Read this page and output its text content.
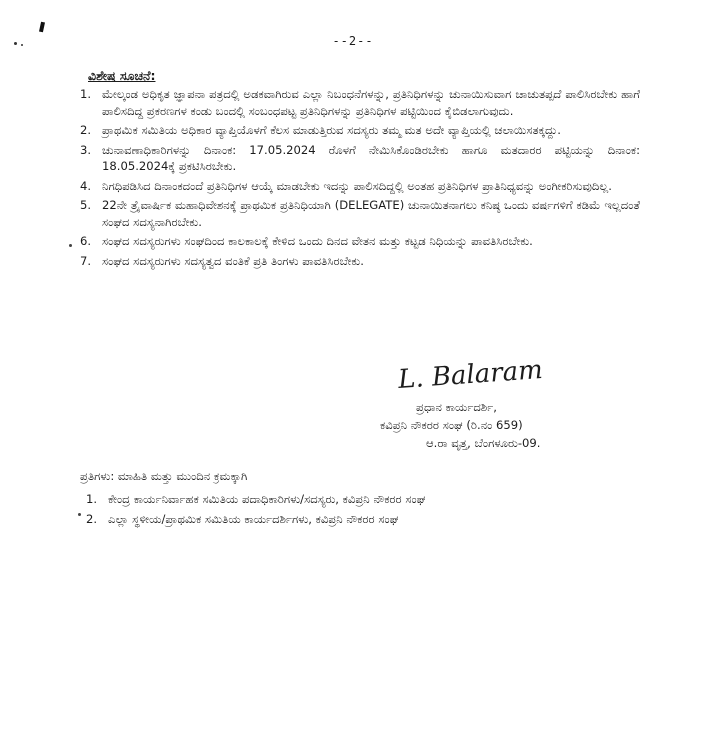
--2--
ವಿಶೇಷ ಸೂಚನೆ:
1. ಮೇಲ್ಕಂಡ ಅಧಿಕೃತ ಜ್ಞಾಪನಾ ಪತ್ರದಲ್ಲಿ ಅಡಕವಾಗಿರುವ ಎಲ್ಲಾ ನಿಬಂಧನೆಗಳನ್ನು, ಪ್ರತಿನಿಧಿಗಳನ್ನು ಚುನಾಯಿಸುವಾಗ ಚಾಚುತಪ್ಪದೆ ಪಾಲಿಸಿರಬೇಕು ಹಾಗೆ ಪಾಲಿಸದಿದ್ದ ಪ್ರಕರಣಗಳ ಕಂಡು ಬಂದಲ್ಲಿ ಸಂಬಂಧಪಟ್ಟ ಪ್ರತಿನಿಧಿಗಳನ್ನು ಪ್ರತಿನಿಧಿಗಳ ಪಟ್ಟಿಯಿಂದ ಕೈಬಿಡಲಾಗುವುದು.
2. ಪ್ರಾಥಮಿಕ ಸಮಿತಿಯ ಅಧಿಕಾರ ವ್ಯಾಪ್ತಿಯೊಳಗೆ ಕೆಲಸ ಮಾಡುತ್ತಿರುವ ಸದಸ್ಯರು ತಮ್ಮ ಮತ ಅದೇ ವ್ಯಾಪ್ತಿಯಲ್ಲಿ ಚಲಾಯಿಸತಕ್ಕದ್ದು.
3. ಚುನಾವಣಾಧಿಕಾರಿಗಳನ್ನು ದಿನಾಂಕ: 17.05.2024 ರೊಳಗೆ ನೇಮಿಸಿಕೊಂಡಿರಬೇಕು ಹಾಗೂ ಮತದಾರರ ಪಟ್ಟಿಯನ್ನು ದಿನಾಂಕ: 18.05.2024ಕ್ಕೆ ಪ್ರಕಟಿಸಿರಬೇಕು.
4. ನಿಗಧಿಪಡಿಸಿದ ದಿನಾಂಕದಂದೆ ಪ್ರತಿನಿಧಿಗಳ ಆಯ್ಕೆ ಮಾಡಬೇಕು ಇದನ್ನು ಪಾಲಿಸದಿದ್ದಲ್ಲಿ ಅಂತಹ ಪ್ರತಿನಿಧಿಗಳ ಪ್ರಾತಿನಿಧ್ಯವನ್ನು ಅಂಗೀಕರಿಸುವುದಿಲ್ಲ.
5. 22ನೇ ತ್ರೈವಾರ್ಷಿಕ ಮಹಾಧಿವೇಶನಕ್ಕೆ ಪ್ರಾಥಮಿಕ ಪ್ರತಿನಿಧಿಯಾಗಿ (DELEGATE) ಚುನಾಯಿತನಾಗಲು ಕನಿಷ್ಠ ಒಂದು ವರ್ಷಗಳಿಗೆ ಕಡಿಮೆ ಇಲ್ಲದಂತೆ ಸಂಘದ ಸದಸ್ಯನಾಗಿರಬೇಕು.
6. ಸಂಘದ ಸದಸ್ಯರುಗಳು ಸಂಘದಿಂದ ಕಾಲಕಾಲಕ್ಕೆ ಕೇಳಿದ ಒಂದು ದಿನದ ವೇತನ ಮತ್ತು ಕಟ್ಟಡ ನಿಧಿಯನ್ನು ಪಾವತಿಸಿರಬೇಕು.
7. ಸಂಘದ ಸದಸ್ಯರುಗಳು ಸದಸ್ಯತ್ವದ ವಂತಿಕೆ ಪ್ರತಿ ತಿಂಗಳು ಪಾವತಿಸಿರಬೇಕು.
L. Balaram
ಪ್ರಧಾನ ಕಾರ್ಯದರ್ಶಿ,
ಕವಿಪ್ರನಿ ನೌಕರರ ಸಂಘ (ರಿ.ನಂ 659)
ಆ.ರಾ ವೃತ್ತ, ಬೆಂಗಳೂರು-09.
ಪ್ರತಿಗಳು: ಮಾಹಿತಿ ಮತ್ತು ಮುಂದಿನ ಕ್ರಮಕ್ಕಾಗಿ
1. ಕೇಂದ್ರ ಕಾರ್ಯನಿರ್ವಾಹಕ ಸಮಿತಿಯ ಪದಾಧಿಕಾರಿಗಳು/ಸದಸ್ಯರು, ಕವಿಪ್ರನಿ ನೌಕರರ ಸಂಘ
2. ಎಲ್ಲಾ ಸ್ಥಳೀಯ/ಪ್ರಾಥಮಿಕ ಸಮಿತಿಯ ಕಾರ್ಯದರ್ಶಿಗಳು, ಕವಿಪ್ರನಿ ನೌಕರರ ಸಂಘ
